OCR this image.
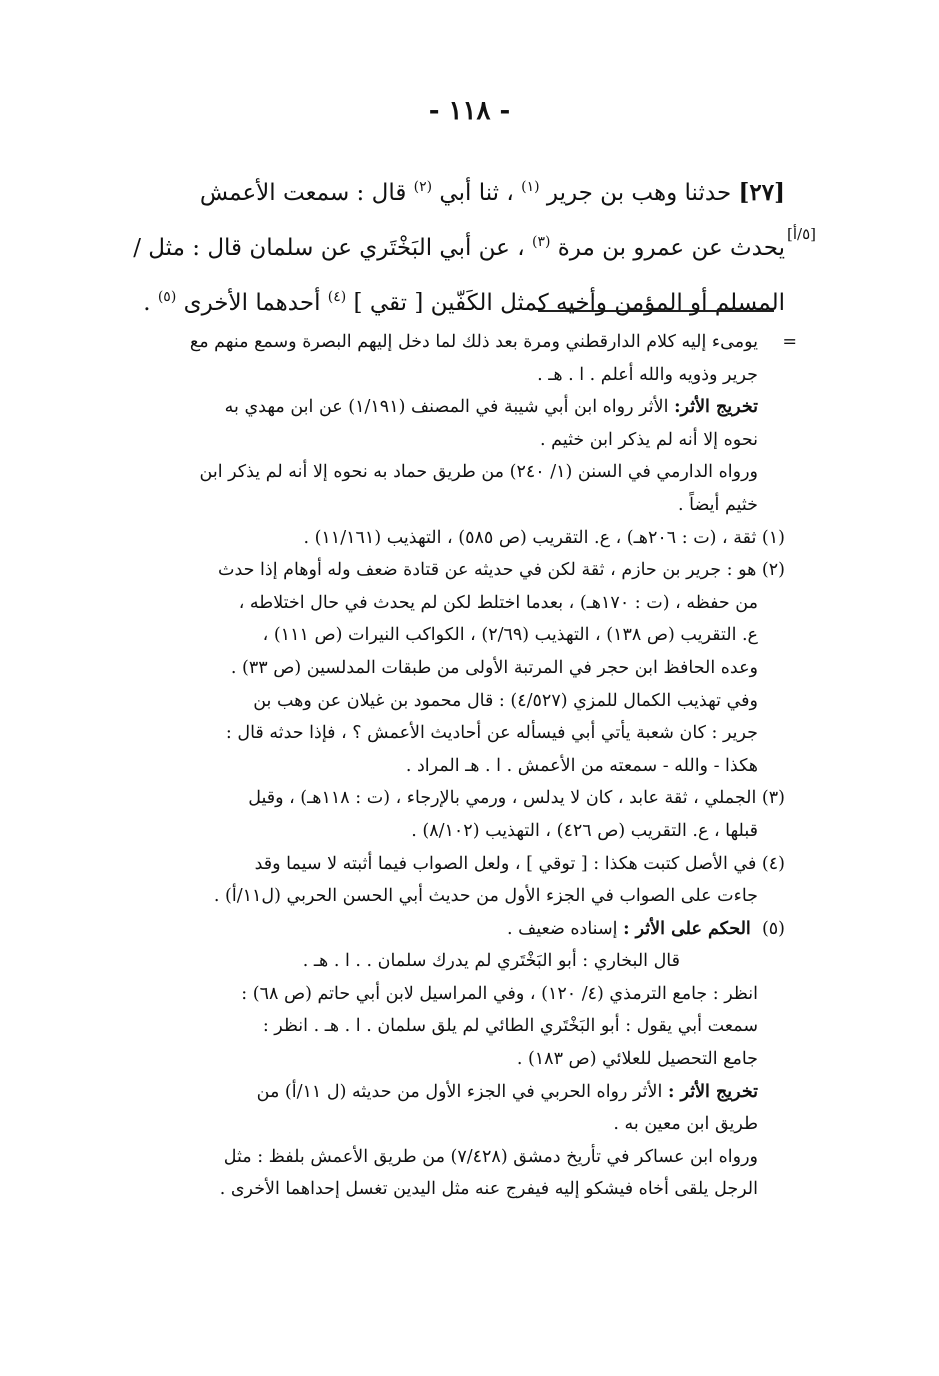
- ١١٨ -
[٢٧] حدثنا وهب بن جرير $^{(١)}$ ، ثنا أبي $^{(٢)}$ قال : سمعت الأعمش
يحدث عن عمرو بن مرة $^{(٣)}$ ، عن أبي البَخْتَري عن سلمان قال : مثل /
المسلم أو المؤمن وأخيه كمثل الكَفّين [ تقي ] $^{(٤)}$ أحدهما الأخرى $^{(٥)}$ .
[٥/أ]
=
يومىء إليه كلام الدارقطني ومرة بعد ذلك لما دخل إليهم البصرة وسمع منهم مع
جرير وذويه والله أعلم . ا . هـ .
تخريج الأثر: الأثر رواه ابن أبي شيبة في المصنف (١/١٩١) عن ابن مهدي به
نحوه إلا أنه لم يذكر ابن خثيم .
ورواه الدارمي في السنن (١/ ٢٤٠) من طريق حماد به نحوه إلا أنه لم يذكر ابن
خثيم أيضاً .
(١) ثقة ، (ت : ٢٠٦هـ) ، ع. التقريب (ص ٥٨٥) ، التهذيب (١١/١٦١) .
(٢) هو : جرير بن حازم ، ثقة لكن في حديثه عن قتادة ضعف وله أوهام إذا حدث
من حفظه ، (ت : ١٧٠هـ) ، بعدما اختلط لكن لم يحدث في حال اختلاطه ،
ع. التقريب (ص ١٣٨) ، التهذيب (٢/٦٩) ، الكواكب النيرات (ص ١١١) ،
وعده الحافظ ابن حجر في المرتبة الأولى من طبقات المدلسين (ص ٣٣) .
وفي تهذيب الكمال للمزي (٤/٥٢٧) : قال محمود بن غيلان عن وهب بن
جرير : كان شعبة يأتي أبي فيسأله عن أحاديث الأعمش ؟ ، فإذا حدثه قال :
هكذا - والله - سمعته من الأعمش . ا . هـ المراد .
(٣) الجملي ، ثقة عابد ، كان لا يدلس ، ورمي بالإرجاء ، (ت : ١١٨هـ) ، وقيل
قبلها ، ع. التقريب (ص ٤٢٦) ، التهذيب (٨/١٠٢) .
(٤) في الأصل كتبت هكذا : [ توقي ] ، ولعل الصواب فيما أثبته لا سيما وقد
جاءت على الصواب في الجزء الأول من حديث أبي الحسن الحربي (ل١١/أ) .
(٥)  الحكم على الأثر : إسناده ضعيف .
قال البخاري : أبو البَخْتَري لم يدرك سلمان . . ا . هـ .
انظر : جامع الترمذي (٤/ ١٢٠) ، وفي المراسيل لابن أبي حاتم (ص ٦٨) :
سمعت أبي يقول : أبو البَخْتَري الطائي لم يلق سلمان . ا . هـ . انظر :
جامع التحصيل للعلائي (ص ١٨٣) .
تخريج الأثر : الأثر رواه الحربي في الجزء الأول من حديثه (ل ١١/أ) من
طريق ابن معين به .
ورواه ابن عساكر في تأريخ دمشق (٧/٤٢٨) من طريق الأعمش بلفظ : مثل
الرجل يلقى أخاه فيشكو إليه فيفرج عنه مثل اليدين تغسل إحداهما الأخرى .
